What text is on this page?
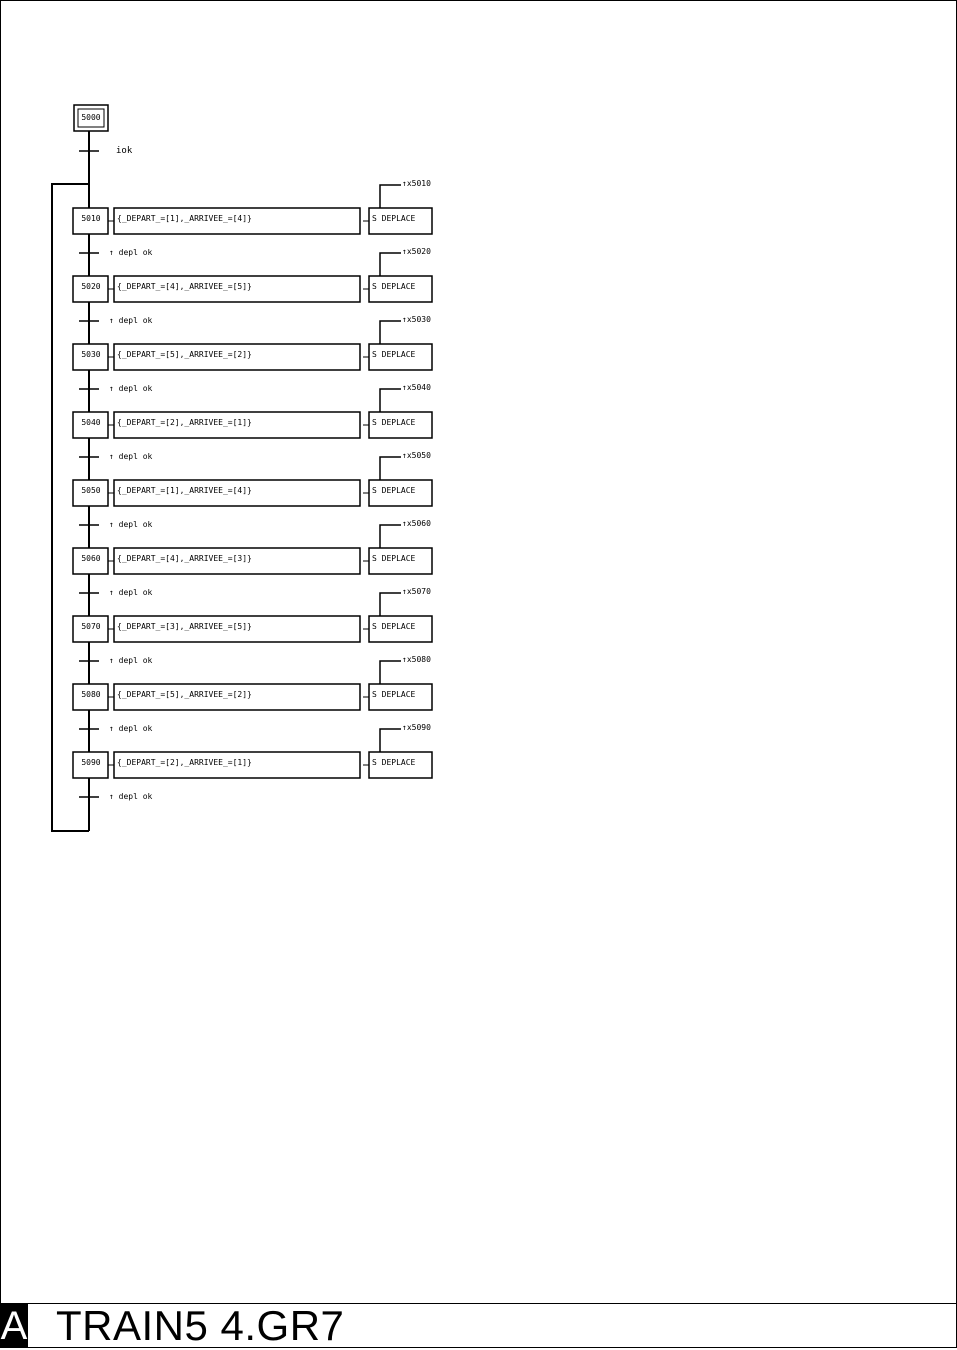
5000
iok
5010 {_DEPART_=[1],_ARRIVEE_=[4]}	S DEPLACE
↑x5010
↑ depl ok
5020 {_DEPART_=[4],_ARRIVEE_=[5]}	S DEPLACE
↑x5020
↑ depl ok
5030 {_DEPART_=[5],_ARRIVEE_=[2]}	S DEPLACE
↑x5030
↑ depl ok
5040 {_DEPART_=[2],_ARRIVEE_=[1]}	S DEPLACE
↑x5040
↑ depl ok
5050 {_DEPART_=[1],_ARRIVEE_=[4]}	S DEPLACE
↑x5050
↑ depl ok
5060 {_DEPART_=[4],_ARRIVEE_=[3]}	S DEPLACE
↑x5060
↑ depl ok
5070 {_DEPART_=[3],_ARRIVEE_=[5]}	S DEPLACE
↑x5070
↑ depl ok
5080 {_DEPART_=[5],_ARRIVEE_=[2]}	S DEPLACE
↑x5080
↑ depl ok
5090 {_DEPART_=[2],_ARRIVEE_=[1]}	S DEPLACE
↑x5090
↑ depl ok
A TRAIN5 4.GR7
